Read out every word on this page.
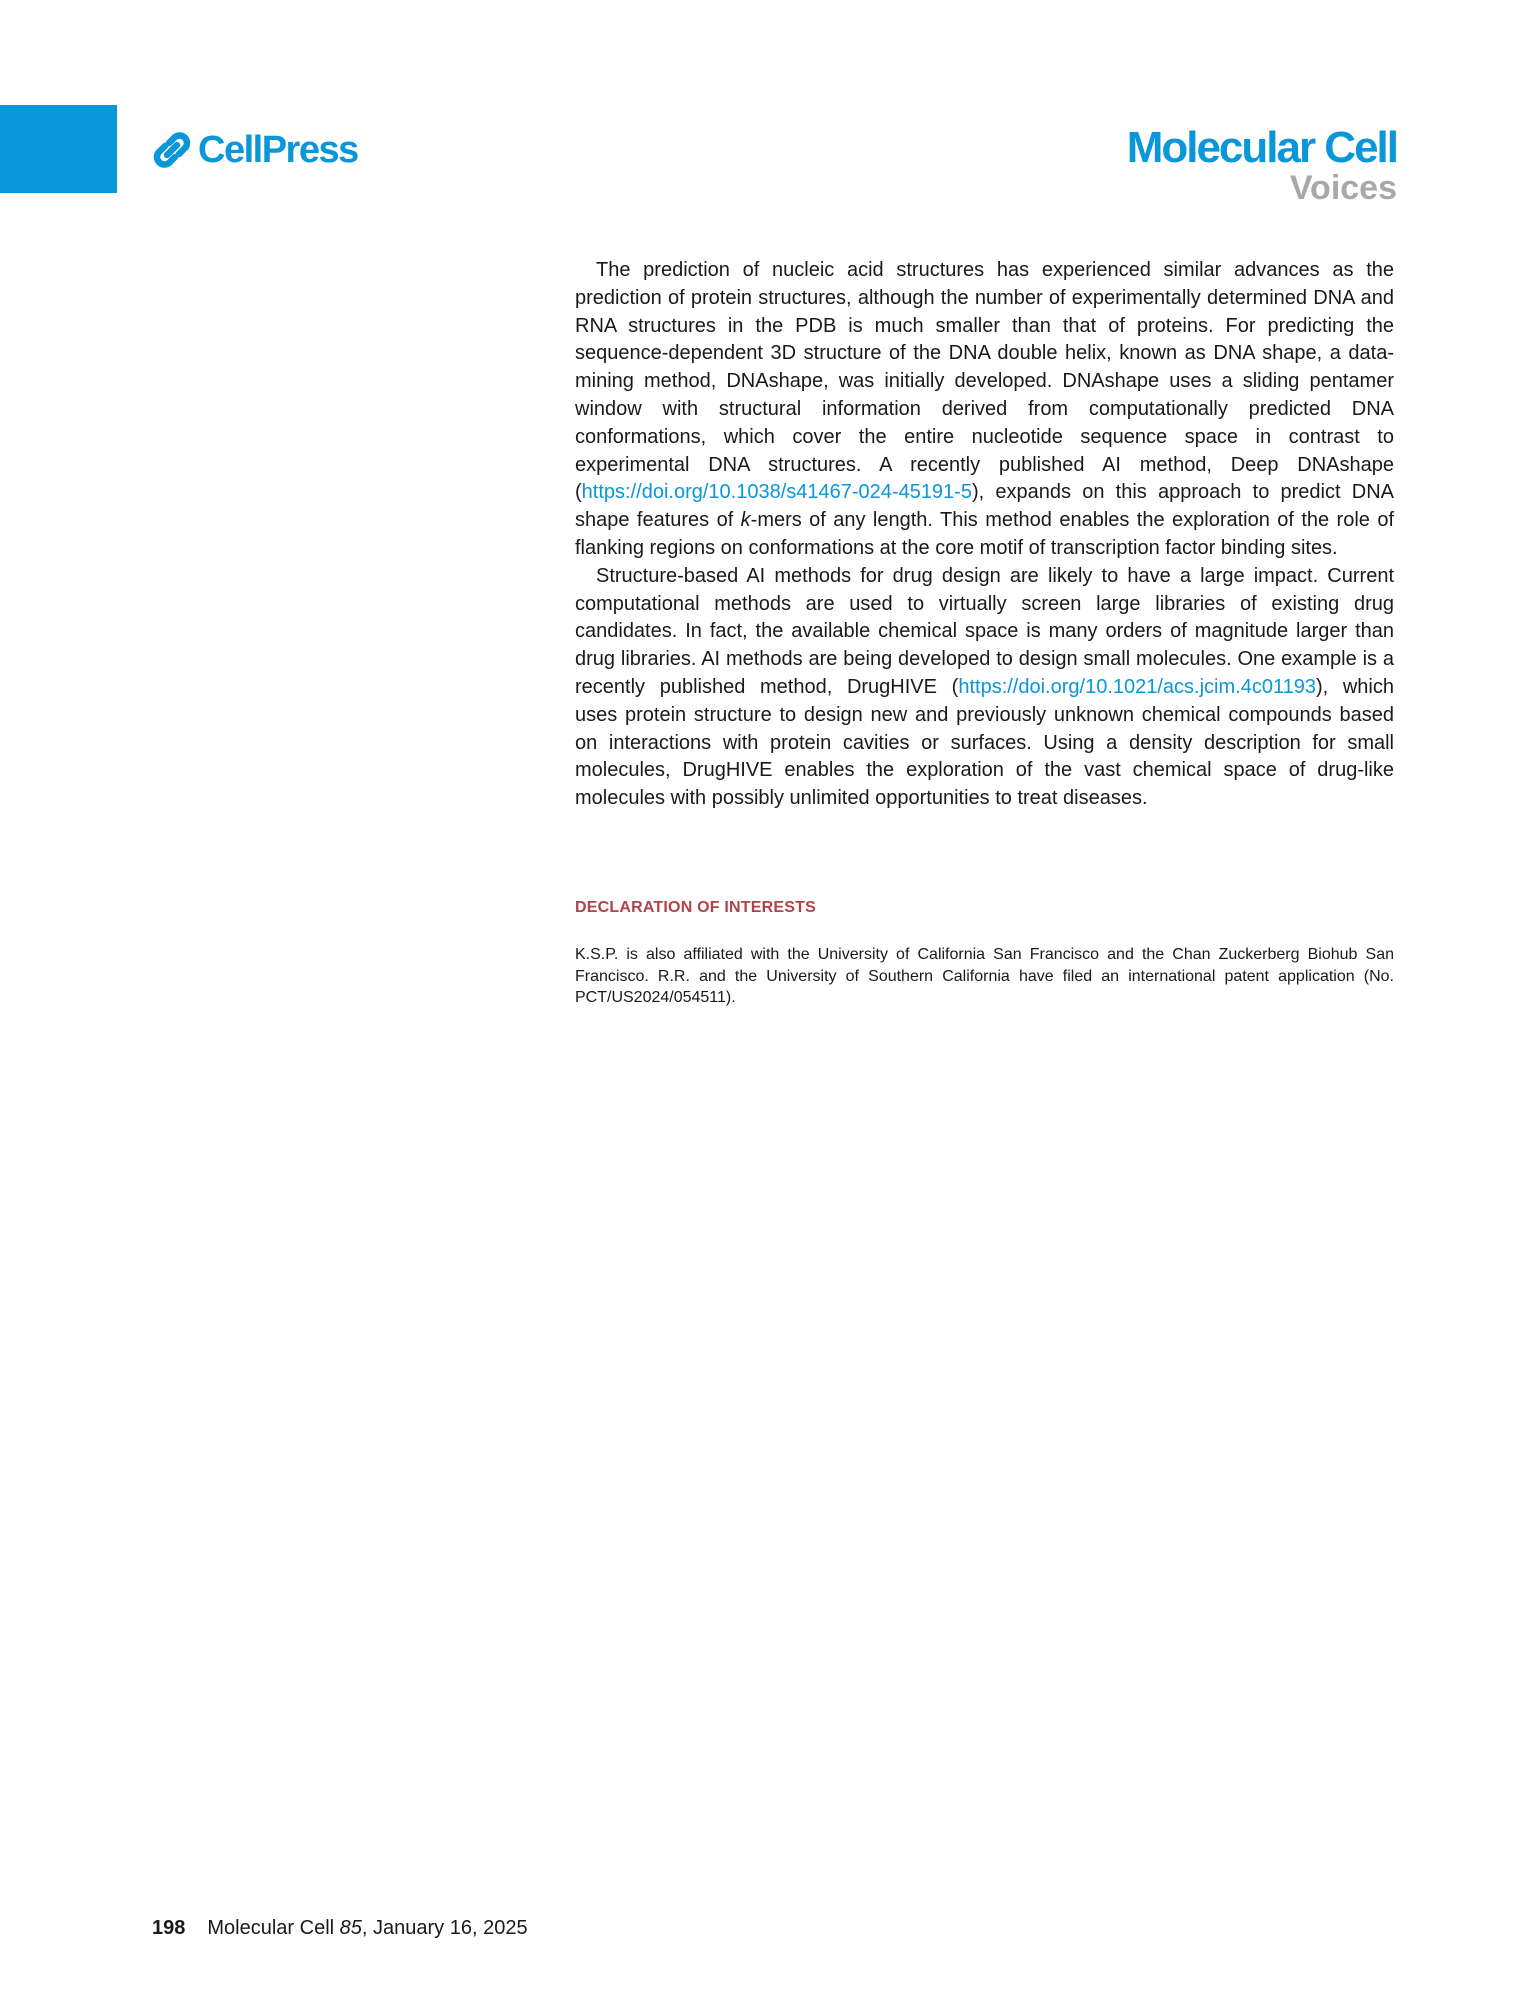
CellPress	Molecular Cell
Voices

The prediction of nucleic acid structures has experienced similar advances as the prediction of protein structures, although the number of experimentally determined DNA and RNA structures in the PDB is much smaller than that of proteins. For predicting the sequence-dependent 3D structure of the DNA double helix, known as DNA shape, a data-mining method, DNAshape, was initially developed. DNAshape uses a sliding pentamer window with structural information derived from computationally predicted DNA conformations, which cover the entire nucleotide sequence space in contrast to experimental DNA structures. A recently published AI method, Deep DNAshape (https://doi.org/10.1038/s41467-024-45191-5), expands on this approach to predict DNA shape features of k-mers of any length. This method enables the exploration of the role of flanking regions on conformations at the core motif of transcription factor binding sites.

Structure-based AI methods for drug design are likely to have a large impact. Current computational methods are used to virtually screen large libraries of existing drug candidates. In fact, the available chemical space is many orders of magnitude larger than drug libraries. AI methods are being developed to design small molecules. One example is a recently published method, DrugHIVE (https://doi.org/10.1021/acs.jcim.4c01193), which uses protein structure to design new and previously unknown chemical compounds based on interactions with protein cavities or surfaces. Using a density description for small molecules, DrugHIVE enables the exploration of the vast chemical space of drug-like molecules with possibly unlimited opportunities to treat diseases.

DECLARATION OF INTERESTS

K.S.P. is also affiliated with the University of California San Francisco and the Chan Zuckerberg Biohub San Francisco. R.R. and the University of Southern California have filed an international patent application (No. PCT/US2024/054511).

198 Molecular Cell 85, January 16, 2025
